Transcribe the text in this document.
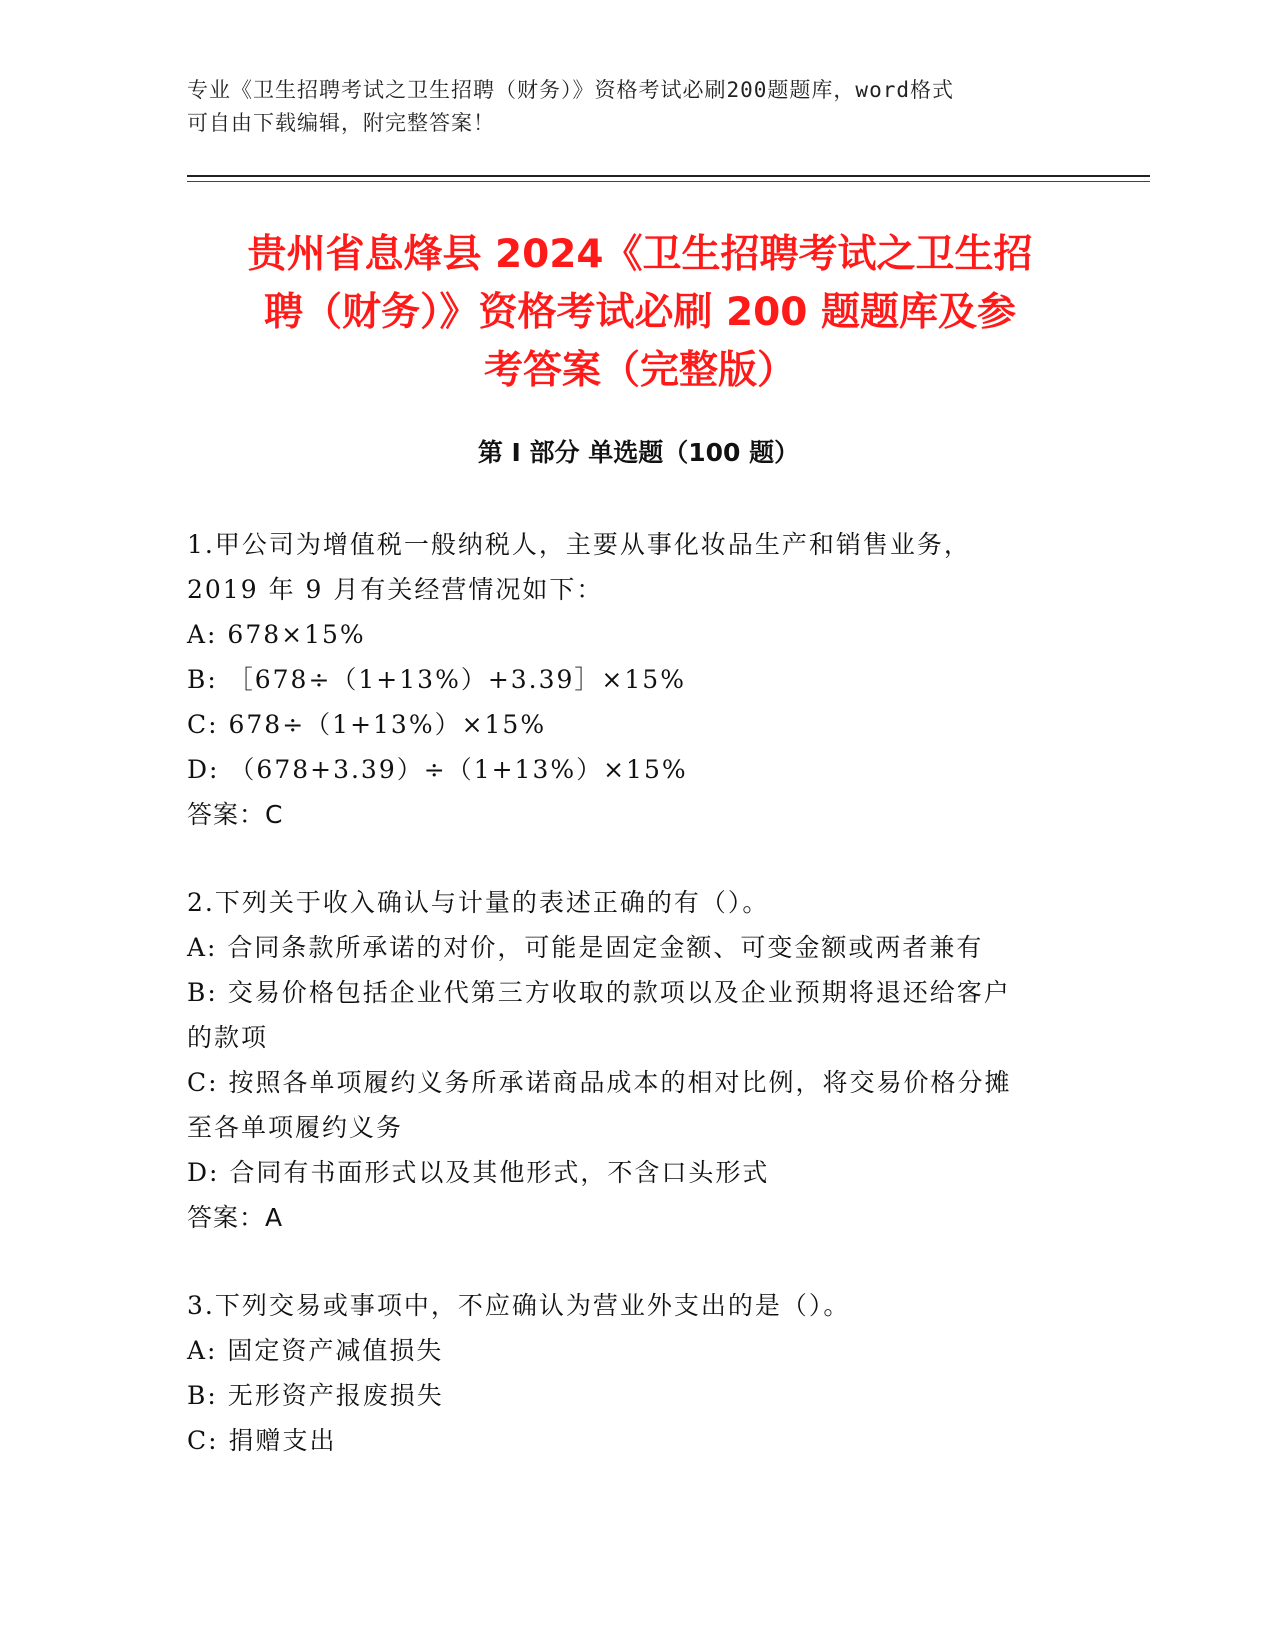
专业《卫生招聘考试之卫生招聘（财务）》资格考试必刷200题题库，word格式
可自由下载编辑，附完整答案！
贵州省息烽县 2024《卫生招聘考试之卫生招
聘（财务）》资格考试必刷 200 题题库及参
考答案（完整版）
第 I 部分 单选题（100 题）
1.甲公司为增值税一般纳税人，主要从事化妆品生产和销售业务，
2019 年 9 月有关经营情况如下：
A: 678×15%
B: ［678÷（1+13%）+3.39］×15%
C: 678÷（1+13%）×15%
D: （678+3.39）÷（1+13%）×15%
答案：C
2.下列关于收入确认与计量的表述正确的有（）。
A: 合同条款所承诺的对价，可能是固定金额、可变金额或两者兼有
B: 交易价格包括企业代第三方收取的款项以及企业预期将退还给客户
的款项
C: 按照各单项履约义务所承诺商品成本的相对比例，将交易价格分摊
至各单项履约义务
D: 合同有书面形式以及其他形式，不含口头形式
答案：A
3.下列交易或事项中，不应确认为营业外支出的是（）。
A: 固定资产减值损失
B: 无形资产报废损失
C: 捐赠支出
